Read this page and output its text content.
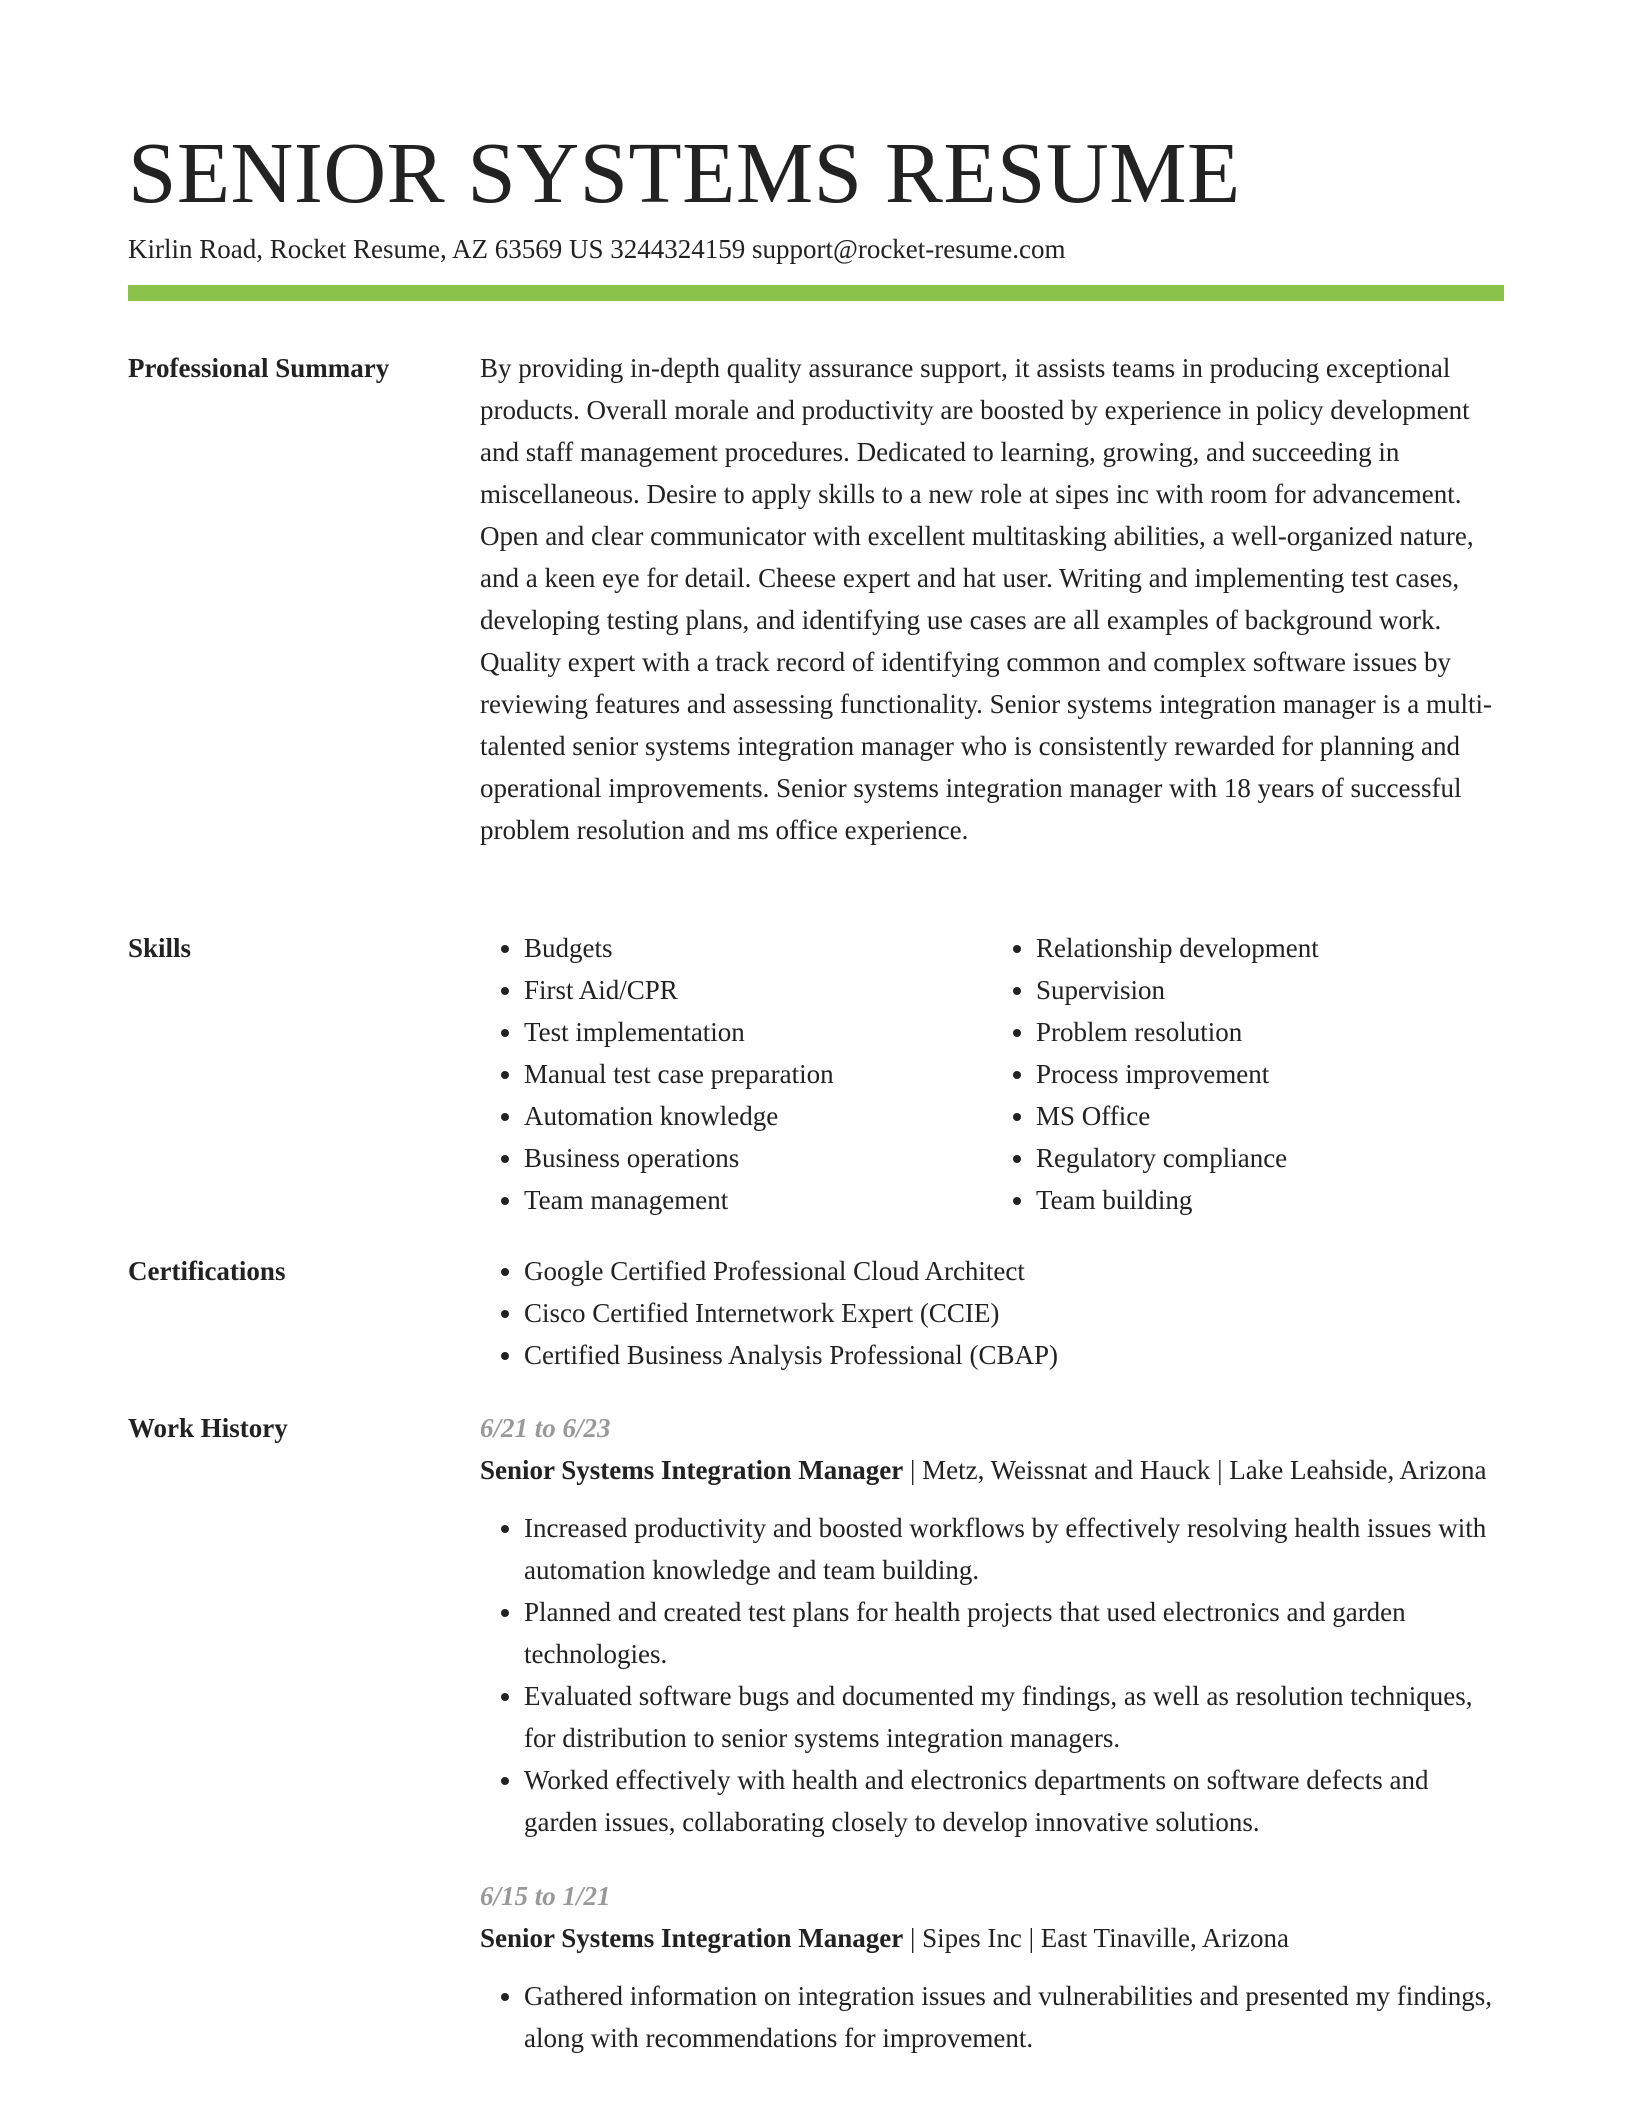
SENIOR SYSTEMS RESUME
Kirlin Road, Rocket Resume, AZ 63569 US 3244324159 support@rocket-resume.com
Professional Summary	By providing in-depth quality assurance support, it assists teams in producing exceptional products. Overall morale and productivity are boosted by experience in policy development and staff management procedures. Dedicated to learning, growing, and succeeding in miscellaneous. Desire to apply skills to a new role at sipes inc with room for advancement. Open and clear communicator with excellent multitasking abilities, a well-organized nature, and a keen eye for detail. Cheese expert and hat user. Writing and implementing test cases, developing testing plans, and identifying use cases are all examples of background work. Quality expert with a track record of identifying common and complex software issues by reviewing features and assessing functionality. Senior systems integration manager is a multi-talented senior systems integration manager who is consistently rewarded for planning and operational improvements. Senior systems integration manager with 18 years of successful problem resolution and ms office experience.

Skills	• Budgets
• First Aid/CPR
• Test implementation
• Manual test case preparation
• Automation knowledge
• Business operations
• Team management
• Relationship development
• Supervision
• Problem resolution
• Process improvement
• MS Office
• Regulatory compliance
• Team building
Certifications	• Google Certified Professional Cloud Architect
• Cisco Certified Internetwork Expert (CCIE)
• Certified Business Analysis Professional (CBAP)
Work History	6/21 to 6/23
Senior Systems Integration Manager | Metz, Weissnat and Hauck | Lake Leahside, Arizona
• Increased productivity and boosted workflows by effectively resolving health issues with automation knowledge and team building.
• Planned and created test plans for health projects that used electronics and garden technologies.
• Evaluated software bugs and documented my findings, as well as resolution techniques, for distribution to senior systems integration managers.
• Worked effectively with health and electronics departments on software defects and garden issues, collaborating closely to develop innovative solutions.
6/15 to 1/21
Senior Systems Integration Manager | Sipes Inc | East Tinaville, Arizona
• Gathered information on integration issues and vulnerabilities and presented my findings, along with recommendations for improvement.
